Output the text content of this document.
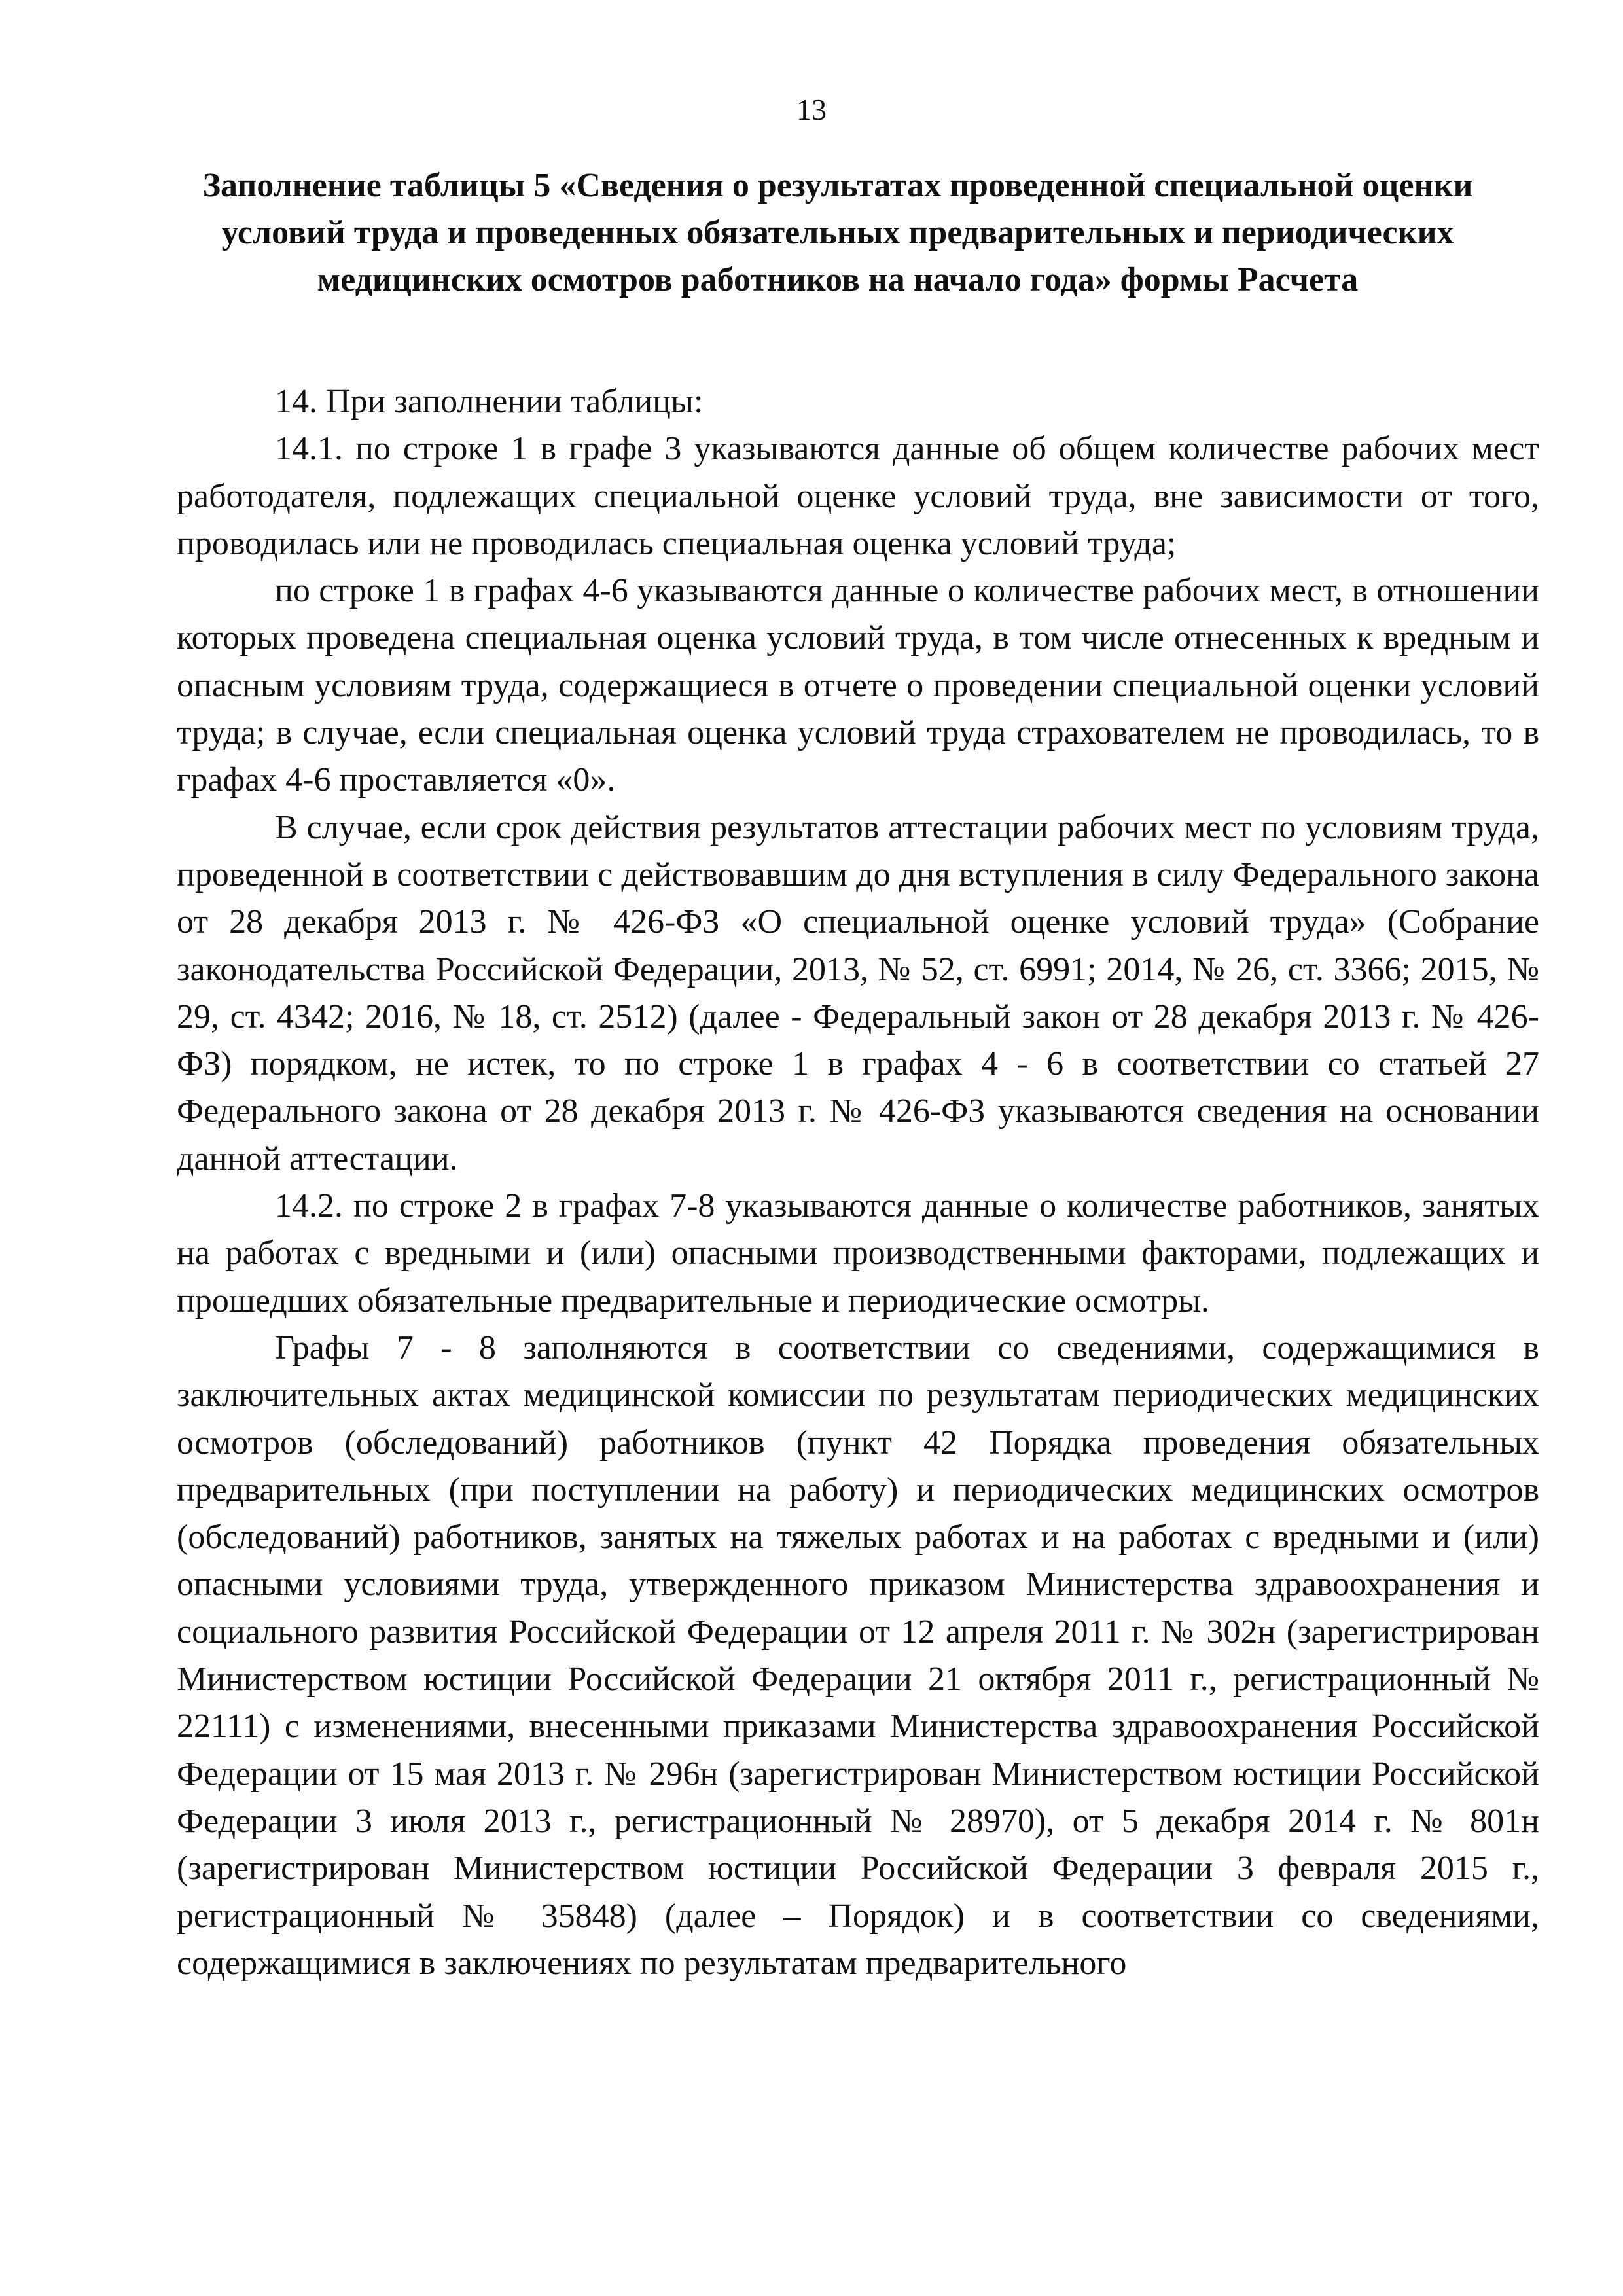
13
Заполнение таблицы 5 «Сведения о результатах проведенной специальной оценки условий труда и проведенных обязательных предварительных и периодических медицинских осмотров работников на начало года» формы Расчета

14. При заполнении таблицы:

14.1. по строке 1 в графе 3 указываются данные об общем количестве рабочих мест работодателя, подлежащих специальной оценке условий труда, вне зависимости от того, проводилась или не проводилась специальная оценка условий труда;

по строке 1 в графах 4-6 указываются данные о количестве рабочих мест, в отношении которых проведена специальная оценка условий труда, в том числе отнесенных к вредным и опасным условиям труда, содержащиеся в отчете о проведении специальной оценки условий труда; в случае, если специальная оценка условий труда страхователем не проводилась, то в графах 4-6 проставляется «0».

В случае, если срок действия результатов аттестации рабочих мест по условиям труда, проведенной в соответствии с действовавшим до дня вступления в силу Федерального закона от 28 декабря 2013 г. № 426-ФЗ «О специальной оценке условий труда» (Собрание законодательства Российской Федерации, 2013, № 52, ст. 6991; 2014, № 26, ст. 3366; 2015, № 29, ст. 4342; 2016, № 18, ст. 2512) (далее - Федеральный закон от 28 декабря 2013 г. № 426-ФЗ) порядком, не истек, то по строке 1 в графах 4 - 6 в соответствии со статьей 27 Федерального закона от 28 декабря 2013 г. № 426-ФЗ указываются сведения на основании данной аттестации.

14.2. по строке 2 в графах 7-8 указываются данные о количестве работников, занятых на работах с вредными и (или) опасными производственными факторами, подлежащих и прошедших обязательные предварительные и периодические осмотры.

Графы 7 - 8 заполняются в соответствии со сведениями, содержащимися в заключительных актах медицинской комиссии по результатам периодических медицинских осмотров (обследований) работников (пункт 42 Порядка проведения обязательных предварительных (при поступлении на работу) и периодических медицинских осмотров (обследований) работников, занятых на тяжелых работах и на работах с вредными и (или) опасными условиями труда, утвержденного приказом Министерства здравоохранения и социального развития Российской Федерации от 12 апреля 2011 г. № 302н (зарегистрирован Министерством юстиции Российской Федерации 21 октября 2011 г., регистрационный № 22111) с изменениями, внесенными приказами Министерства здравоохранения Российской Федерации от 15 мая 2013 г. № 296н (зарегистрирован Министерством юстиции Российской Федерации 3 июля 2013 г., регистрационный № 28970), от 5 декабря 2014 г. № 801н (зарегистрирован Министерством юстиции Российской Федерации 3 февраля 2015 г., регистрационный № 35848) (далее – Порядок) и в соответствии со сведениями, содержащимися в заключениях по результатам предварительного
